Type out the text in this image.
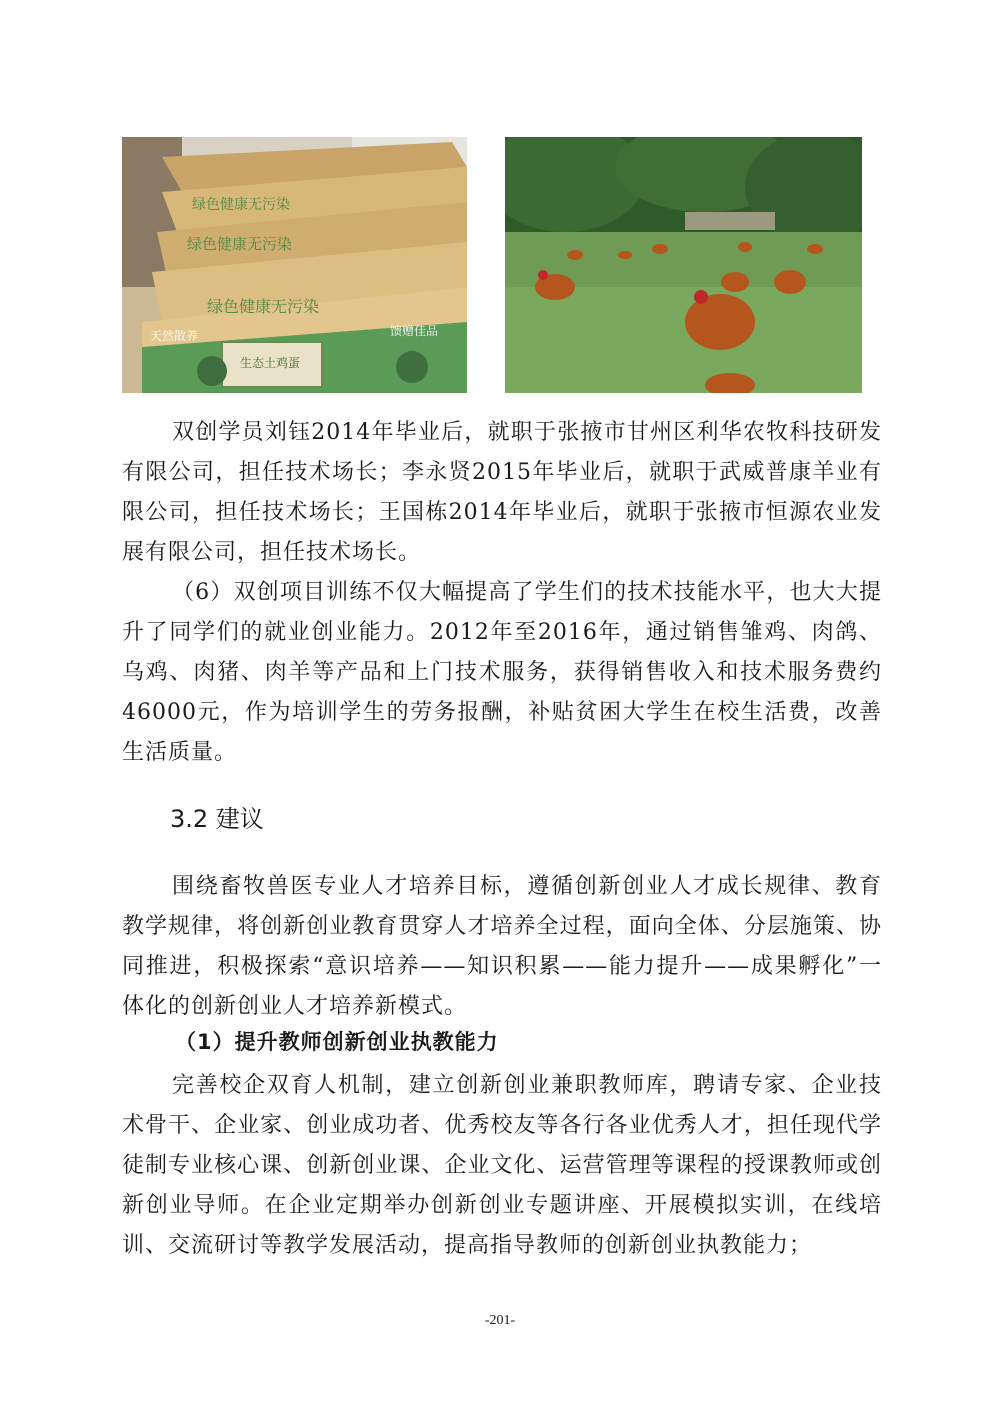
绿色健康无污染
绿色健康无污染
绿色健康无污染
天然散养	馈赠佳品
生态土鸡蛋

双创学员刘钰2014年毕业后，就职于张掖市甘州区利华农牧科技研发有限公司，担任技术场长；李永贤2015年毕业后，就职于武威普康羊业有限公司，担任技术场长；王国栋2014年毕业后，就职于张掖市恒源农业发展有限公司，担任技术场长。

（6）双创项目训练不仅大幅提高了学生们的技术技能水平，也大大提升了同学们的就业创业能力。2012年至2016年，通过销售雏鸡、肉鸽、乌鸡、肉猪、肉羊等产品和上门技术服务，获得销售收入和技术服务费约46000元，作为培训学生的劳务报酬，补贴贫困大学生在校生活费，改善生活质量。

3.2 建议

围绕畜牧兽医专业人才培养目标，遵循创新创业人才成长规律、教育教学规律，将创新创业教育贯穿人才培养全过程，面向全体、分层施策、协同推进，积极探索“意识培养——知识积累——能力提升——成果孵化”一体化的创新创业人才培养新模式。

（1）提升教师创新创业执教能力

完善校企双育人机制，建立创新创业兼职教师库，聘请专家、企业技术骨干、企业家、创业成功者、优秀校友等各行各业优秀人才，担任现代学徒制专业核心课、创新创业课、企业文化、运营管理等课程的授课教师或创新创业导师。在企业定期举办创新创业专题讲座、开展模拟实训，在线培训、交流研讨等教学发展活动，提高指导教师的创新创业执教能力；

-201-
